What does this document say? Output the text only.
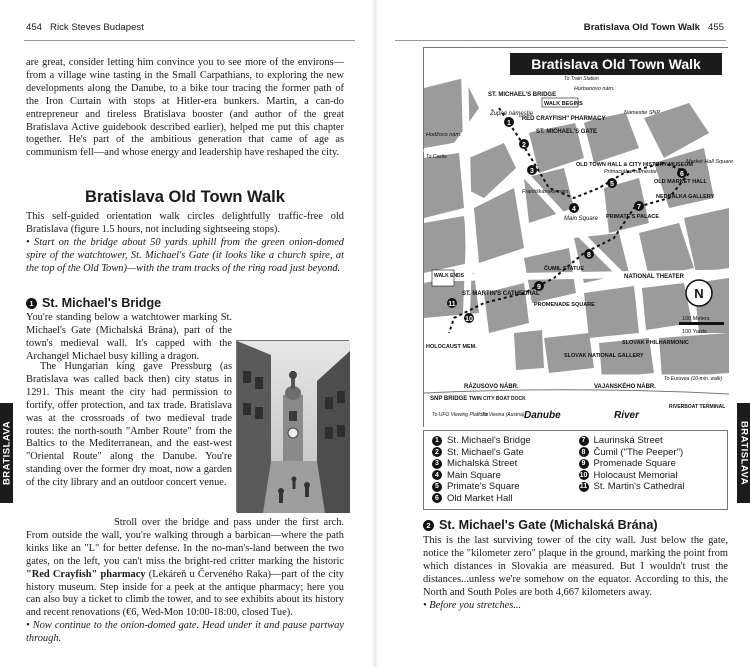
454 Rick Steves Budapest

are great, consider letting him convince you to see more of the environs—from a village wine tasting in the Small Carpathians, to exploring the new developments along the Danube, to a bike tour tracing the former path of the Iron Curtain with stops at Hitler-era bunkers. Martin, a can-do entrepreneur and tireless Bratislava booster (and author of the great Bratislava Active guidebook described earlier), helped me put this chapter together. He's part of the ambitious generation that came of age as communism fell—and whose energy and leadership have reshaped the city.

Bratislava Old Town Walk

This self-guided orientation walk circles delightfully traffic-free old Bratislava (figure 1.5 hours, not including sightseeing stops).

• Start on the bridge about 50 yards uphill from the green onion-domed spire of the watchtower, St. Michael's Gate (it looks like a church spire, at the top of the Old Town)—with the tram tracks of the ring road just beyond.

1 St. Michael's Bridge

You're standing below a watchtower marking St. Michael's Gate (Michalská Brána), part of the town's medieval wall. It's capped with the Archangel Michael busy killing a dragon.

The Hungarian king gave Pressburg (as Bratislava was called back then) city status in 1291. This meant the city had permission to fortify, offer protection, and tax trade. Bratislava was at the crossroads of two medieval trade routes: the north-south "Amber Route" from the Baltics to the Mediterranean, and the east-west "Oriental Route" along the Danube. You're standing over the former dry moat, now a garden of the city library and an outdoor concert venue.

Stroll over the bridge and pass under the first arch. From outside the wall, you're walking through a barbican—where the path kinks like an "L" for better defense. In the no-man's-land between the two gates, on the left, you can't miss the bright-red critter marking the historic "Red Crayfish" pharmacy (Lekáreň u Červeného Raka)—part of the city history museum. Step inside for a peek at the antique pharmacy; here you can also buy a ticket to climb the tower, and to see exhibits about its history and recent renovations (€6, Wed-Mon 10:00-18:00, closed Tue).

• Now continue to the onion-domed gate. Head under it and pause partway through.

BRATISLAVA
Bratislava Old Town Walk 455
BRATISLAVA
Bratislava Old Town Walk
1
2
3
4
5
6
7
8
9
10
11
ST. MICHAEL'S BRIDGE
WALK BEGINS
"RED CRAYFISH" PHARMACY
ST. MICHAEL'S GATE
Župné námestie
Hurbanovo nám.
Námestie SNP
Hodžovo nám.
OLD TOWN HALL & CITY HISTORY MUSEUM
OLD MARKET HALL
Market Hall Square
Main Square
Františkánske nám.
Primaciálne námestie
PRIMATE'S PALACE
NEDBALKA GALLERY
ČUMIL STATUE
WALK ENDS
ST. MARTIN'S CATHEDRAL
HOLOCAUST MEM.
NATIONAL THEATER
SLOVAK NATIONAL GALLERY
SLOVAK PHILHARMONIC
PROMENADE SQUARE
RÁZUSOVO NÁBR.	VAJANSKÉHO NÁBR.
SNP BRIDGE TWIN CITY BOAT DOCK
RIVERBOAT TERMINAL
To UFO Viewing Platform
To Vienna (Austria)
To Castle
To Train Station
To Eurovea (10-min. walk)
Danube	River
N
100 Meters
100 Yards
1 St. Michael's Bridge
2 St. Michael's Gate
3 Michalská Street
4 Main Square
5 Primate's Square
6 Old Market Hall
7 Laurinská Street
8 Čumil ("The Peeper")
9 Promenade Square
10 Holocaust Memorial
11 St. Martin's Cathedral
2 St. Michael's Gate (Michalská Brána)

This is the last surviving tower of the city wall. Just below the gate, notice the "kilometer zero" plaque in the ground, marking the point from which distances in Slovakia are measured. But I wouldn't trust the distances...unless we're somehow on the equator. According to this, the North and South Poles are both 4,667 kilometers away.

• Before you stretches...
